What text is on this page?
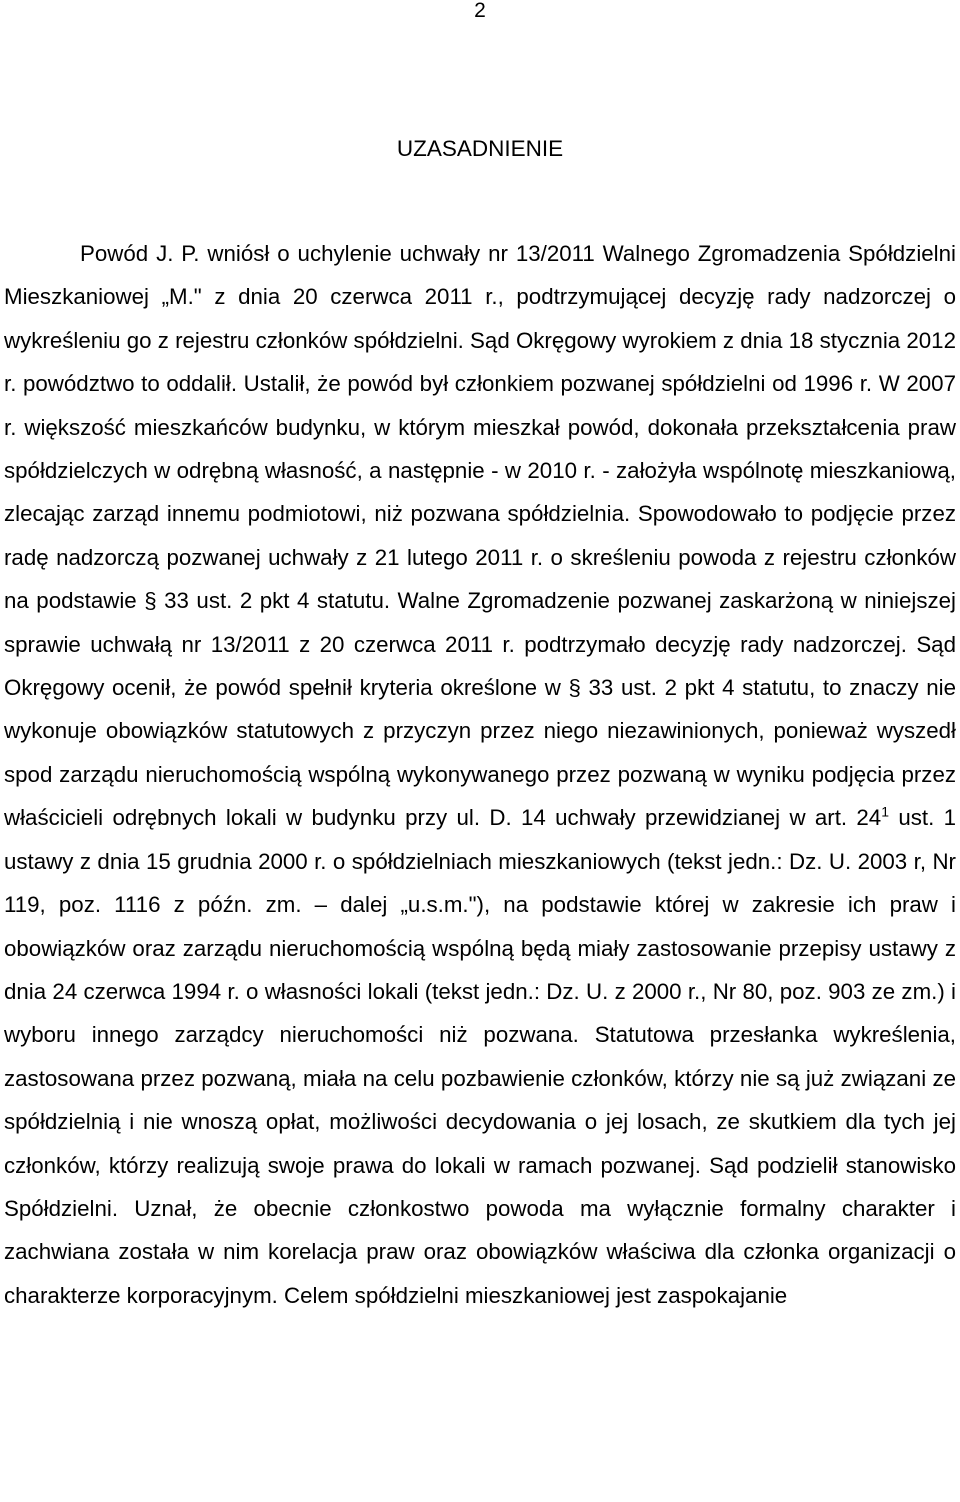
2
UZASADNIENIE

Powód J. P. wniósł o uchylenie uchwały nr 13/2011 Walnego Zgromadzenia Spółdzielni Mieszkaniowej „M." z dnia 20 czerwca 2011 r., podtrzymującej decyzję rady nadzorczej o wykreśleniu go z rejestru członków spółdzielni. Sąd Okręgowy wyrokiem z dnia 18 stycznia 2012 r. powództwo to oddalił. Ustalił, że powód był członkiem pozwanej spółdzielni od 1996 r. W 2007 r. większość mieszkańców budynku, w którym mieszkał powód, dokonała przekształcenia praw spółdzielczych w odrębną własność, a następnie - w 2010 r. - założyła wspólnotę mieszkaniową, zlecając zarząd innemu podmiotowi, niż pozwana spółdzielnia. Spowodowało to podjęcie przez radę nadzorczą pozwanej uchwały z 21 lutego 2011 r. o skreśleniu powoda z rejestru członków na podstawie § 33 ust. 2 pkt 4 statutu. Walne Zgromadzenie pozwanej zaskarżoną w niniejszej sprawie uchwałą nr 13/2011 z 20 czerwca 2011 r. podtrzymało decyzję rady nadzorczej. Sąd Okręgowy ocenił, że powód spełnił kryteria określone w § 33 ust. 2 pkt 4 statutu, to znaczy nie wykonuje obowiązków statutowych z przyczyn przez niego niezawinionych, ponieważ wyszedł spod zarządu nieruchomością wspólną wykonywanego przez pozwaną w wyniku podjęcia przez właścicieli odrębnych lokali w budynku przy ul. D. 14 uchwały przewidzianej w art. $24^1$ ust. 1 ustawy z dnia 15 grudnia 2000 r. o spółdzielniach mieszkaniowych (tekst jedn.: Dz. U. 2003 r, Nr 119, poz. 1116 z późn. zm. – dalej „u.s.m."), na podstawie której w zakresie ich praw i obowiązków oraz zarządu nieruchomością wspólną będą miały zastosowanie przepisy ustawy z dnia 24 czerwca 1994 r. o własności lokali (tekst jedn.: Dz. U. z 2000 r., Nr 80, poz. 903 ze zm.) i wyboru innego zarządcy nieruchomości niż pozwana. Statutowa przesłanka wykreślenia, zastosowana przez pozwaną, miała na celu pozbawienie członków, którzy nie są już związani ze spółdzielnią i nie wnoszą opłat, możliwości decydowania o jej losach, ze skutkiem dla tych jej członków, którzy realizują swoje prawa do lokali w ramach pozwanej. Sąd podzielił stanowisko Spółdzielni. Uznał, że obecnie członkostwo powoda ma wyłącznie formalny charakter i zachwiana została w nim korelacja praw oraz obowiązków właściwa dla członka organizacji o charakterze korporacyjnym. Celem spółdzielni mieszkaniowej jest zaspokajanie
